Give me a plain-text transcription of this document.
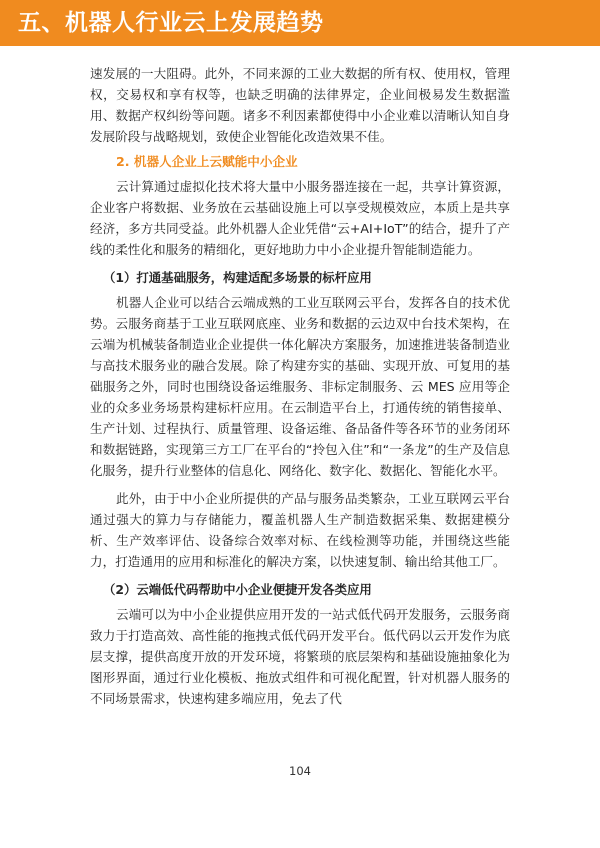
五、机器人行业云上发展趋势

速发展的一大阻碍。此外，不同来源的工业大数据的所有权、使用权，管理权，交易权和享有权等，也缺乏明确的法律界定，企业间极易发生数据滥用、数据产权纠纷等问题。诸多不利因素都使得中小企业难以清晰认知自身发展阶段与战略规划，致使企业智能化改造效果不佳。

2. 机器人企业上云赋能中小企业

云计算通过虚拟化技术将大量中小服务器连接在一起，共享计算资源，企业客户将数据、业务放在云基础设施上可以享受规模效应，本质上是共享经济，多方共同受益。此外机器人企业凭借“云+AI+IoT”的结合，提升了产线的柔性化和服务的精细化，更好地助力中小企业提升智能制造能力。

（1）打通基础服务，构建适配多场景的标杆应用

机器人企业可以结合云端成熟的工业互联网云平台，发挥各自的技术优势。云服务商基于工业互联网底座、业务和数据的云边双中台技术架构，在云端为机械装备制造业企业提供一体化解决方案服务，加速推进装备制造业与高技术服务业的融合发展。除了构建夯实的基础、实现开放、可复用的基础服务之外，同时也围绕设备运维服务、非标定制服务、云 MES 应用等企业的众多业务场景构建标杆应用。在云制造平台上，打通传统的销售接单、生产计划、过程执行、质量管理、设备运维、备品备件等各环节的业务闭环和数据链路，实现第三方工厂在平台的“拎包入住”和“一条龙”的生产及信息化服务，提升行业整体的信息化、网络化、数字化、数据化、智能化水平。

此外，由于中小企业所提供的产品与服务品类繁杂，工业互联网云平台通过强大的算力与存储能力，覆盖机器人生产制造数据采集、数据建模分析、生产效率评估、设备综合效率对标、在线检测等功能，并围绕这些能力，打造通用的应用和标准化的解决方案，以快速复制、输出给其他工厂。

（2）云端低代码帮助中小企业便捷开发各类应用

云端可以为中小企业提供应用开发的一站式低代码开发服务，云服务商致力于打造高效、高性能的拖拽式低代码开发平台。低代码以云开发作为底层支撑，提供高度开放的开发环境，将繁琐的底层架构和基础设施抽象化为图形界面，通过行业化模板、拖放式组件和可视化配置，针对机器人服务的不同场景需求，快速构建多端应用，免去了代

104
